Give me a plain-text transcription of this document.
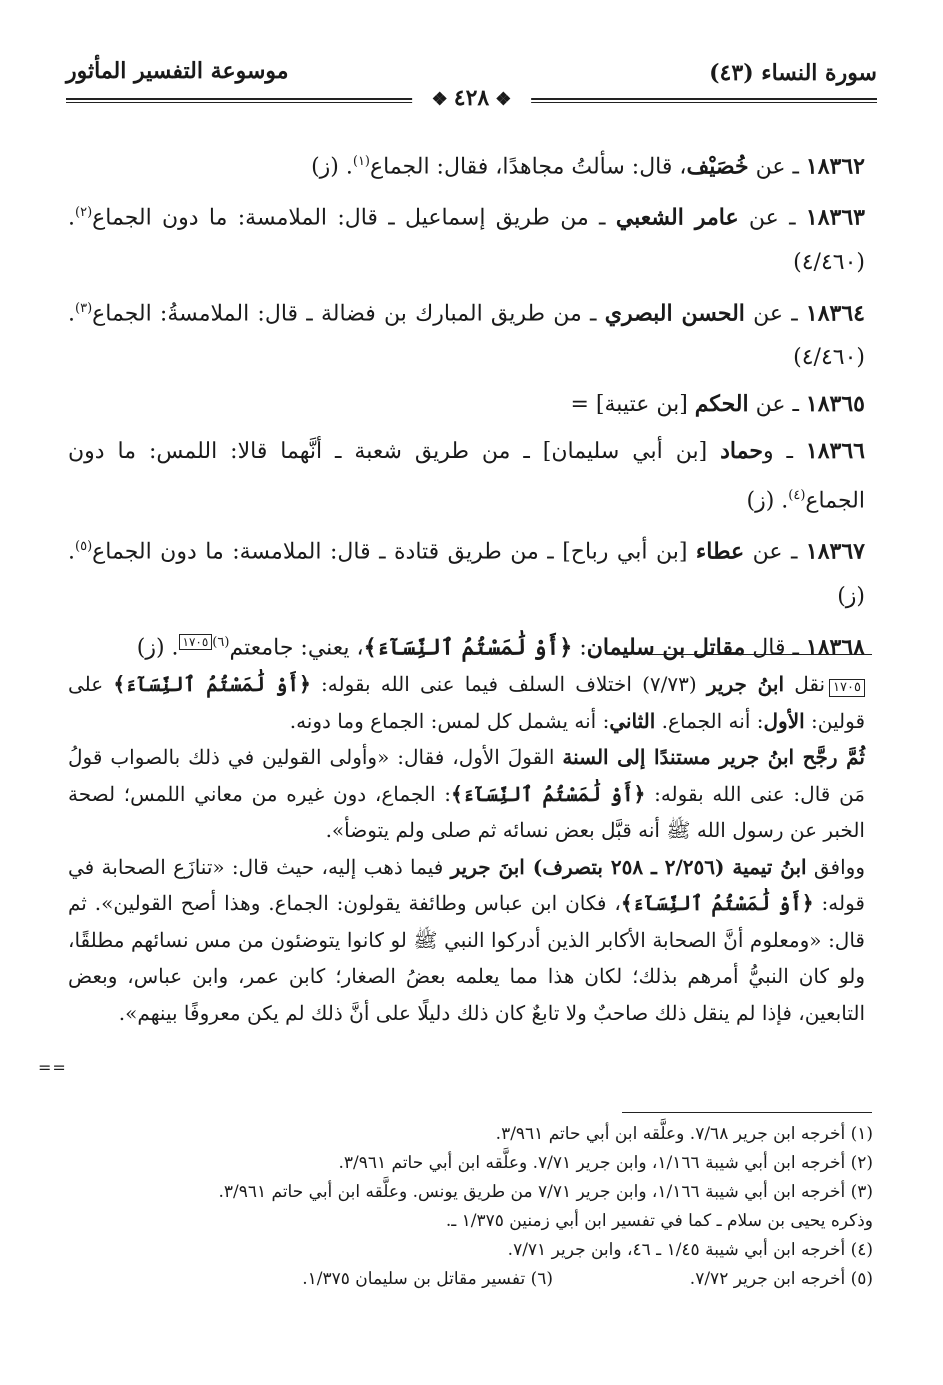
سورة النساء (٤٣)
موسوعة التفسير المأثور
❖٤٢٨❖

١٨٣٦٢ ـ عن خُصَيْف، قال: سألتُ مجاهدًا، فقال: الجماع$^{(١)}$. (ز)

١٨٣٦٣ ـ عن عامر الشعبي ـ من طريق إسماعيل ـ قال: الملامسة: ما دون الجماع$^{(٢)}$. (٤/٤٦٠)

١٨٣٦٤ ـ عن الحسن البصري ـ من طريق المبارك بن فضالة ـ قال: الملامسةُ: الجماع$^{(٣)}$. (٤/٤٦٠)

١٨٣٦٥ ـ عن الحكم [بن عتيبة] =

١٨٣٦٦ ـ وحماد [بن أبي سليمان] ـ من طريق شعبة ـ أنَّهما قالا: اللمس: ما دون الجماع$^{(٤)}$. (ز)

١٨٣٦٧ ـ عن عطاء [بن أبي رباح] ـ من طريق قتادة ـ قال: الملامسة: ما دون الجماع$^{(٥)}$. (ز)

١٨٣٦٨ ـ قال مقاتل بن سليمان: ﴿أَوْ لَٰمَسْتُمُ ٱلنِّسَآءَ﴾، يعني: جامعتم$^{(٦)}$١٧٠٥. (ز)

١٧٠٥نقل ابنُ جرير (٧/٧٣) اختلاف السلف فيما عنى الله بقوله: ﴿أَوْ لَٰمَسْتُمُ ٱلنِّسَآءَ﴾ على قولين: الأول: أنه الجماع. الثاني: أنه يشمل كل لمس: الجماع وما دونه.

ثُمَّ رجَّح ابنُ جرير مستندًا إلى السنة القولَ الأول، فقال: «وأولى القولين في ذلك بالصواب قولُ مَن قال: عنى الله بقوله: ﴿أَوْ لَٰمَسْتُمُ ٱلنِّسَآءَ﴾: الجماع، دون غيره من معاني اللمس؛ لصحة الخبر عن رسول الله ﷺ أنه قبَّل بعض نسائه ثم صلى ولم يتوضأ».

ووافق ابنُ تيمية (٢/٢٥٦ ـ ٢٥٨ بتصرف) ابنَ جرير فيما ذهب إليه، حيث قال: «تنازَع الصحابة في قوله: ﴿أَوْ لَٰمَسْتُمُ ٱلنِّسَآءَ﴾، فكان ابن عباس وطائفة يقولون: الجماع. وهذا أصح القولين». ثم قال: «ومعلوم أنَّ الصحابة الأكابر الذين أدركوا النبي ﷺ لو كانوا يتوضئون من مس نسائهم مطلقًا، ولو كان النبيُّ أمرهم بذلك؛ لكان هذا مما يعلمه بعضُ الصغار؛ كابن عمر، وابن عباس، وبعض التابعين، فإذا لم ينقل ذلك صاحبٌ ولا تابعٌ كان ذلك دليلًا على أنَّ ذلك لم يكن معروفًا بينهم».

==

(١) أخرجه ابن جرير ٧/٦٨. وعلَّقه ابن أبي حاتم ٣/٩٦١.

(٢) أخرجه ابن أبي شيبة ١/١٦٦، وابن جرير ٧/٧١. وعلَّقه ابن أبي حاتم ٣/٩٦١.

(٣) أخرجه ابن أبي شيبة ١/١٦٦، وابن جرير ٧/٧١ من طريق يونس. وعلَّقه ابن أبي حاتم ٣/٩٦١.

وذكره يحيى بن سلام ـ كما في تفسير ابن أبي زمنين ١/٣٧٥ ـ.

(٤) أخرجه ابن أبي شيبة ١/٤٥ ـ ٤٦، وابن جرير ٧/٧١.

(٥) أخرجه ابن جرير ٧/٧٢.
(٦) تفسير مقاتل بن سليمان ١/٣٧٥.
